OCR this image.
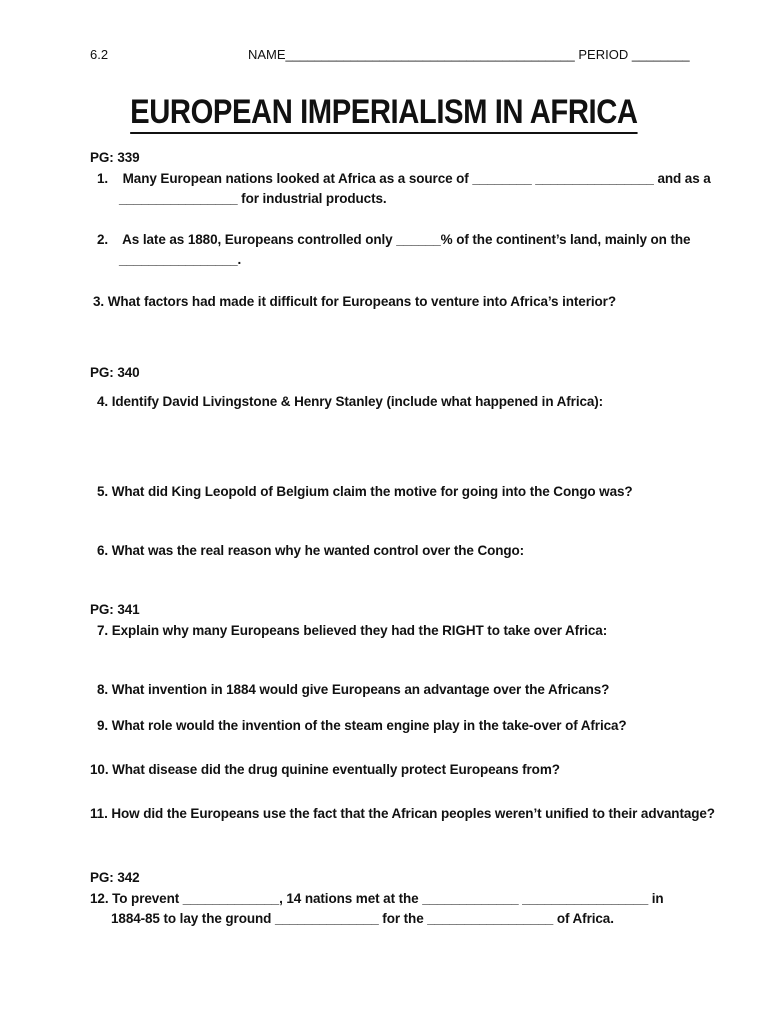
6.2	NAME________________________________________ PERIOD ________
EUROPEAN IMPERIALISM IN AFRICA
PG: 339
1.    Many European nations looked at Africa as a source of ________ ________________ and as a
________________ for industrial products.
2.    As late as 1880, Europeans controlled only ______% of the continent’s land, mainly on the
________________.
3. What factors had made it difficult for Europeans to venture into Africa’s interior?
PG: 340
4. Identify David Livingstone & Henry Stanley (include what happened in Africa):
5. What did King Leopold of Belgium claim the motive for going into the Congo was?
6. What was the real reason why he wanted control over the Congo:
PG: 341
7. Explain why many Europeans believed they had the RIGHT to take over Africa:
8. What invention in 1884 would give Europeans an advantage over the Africans?
9. What role would the invention of the steam engine play in the take-over of Africa?
10. What disease did the drug quinine eventually protect Europeans from?
11. How did the Europeans use the fact that the African peoples weren’t unified to their advantage?
PG: 342
12. To prevent _____________, 14 nations met at the _____________ _________________ in
1884-85 to lay the ground ______________ for the _________________ of Africa.
